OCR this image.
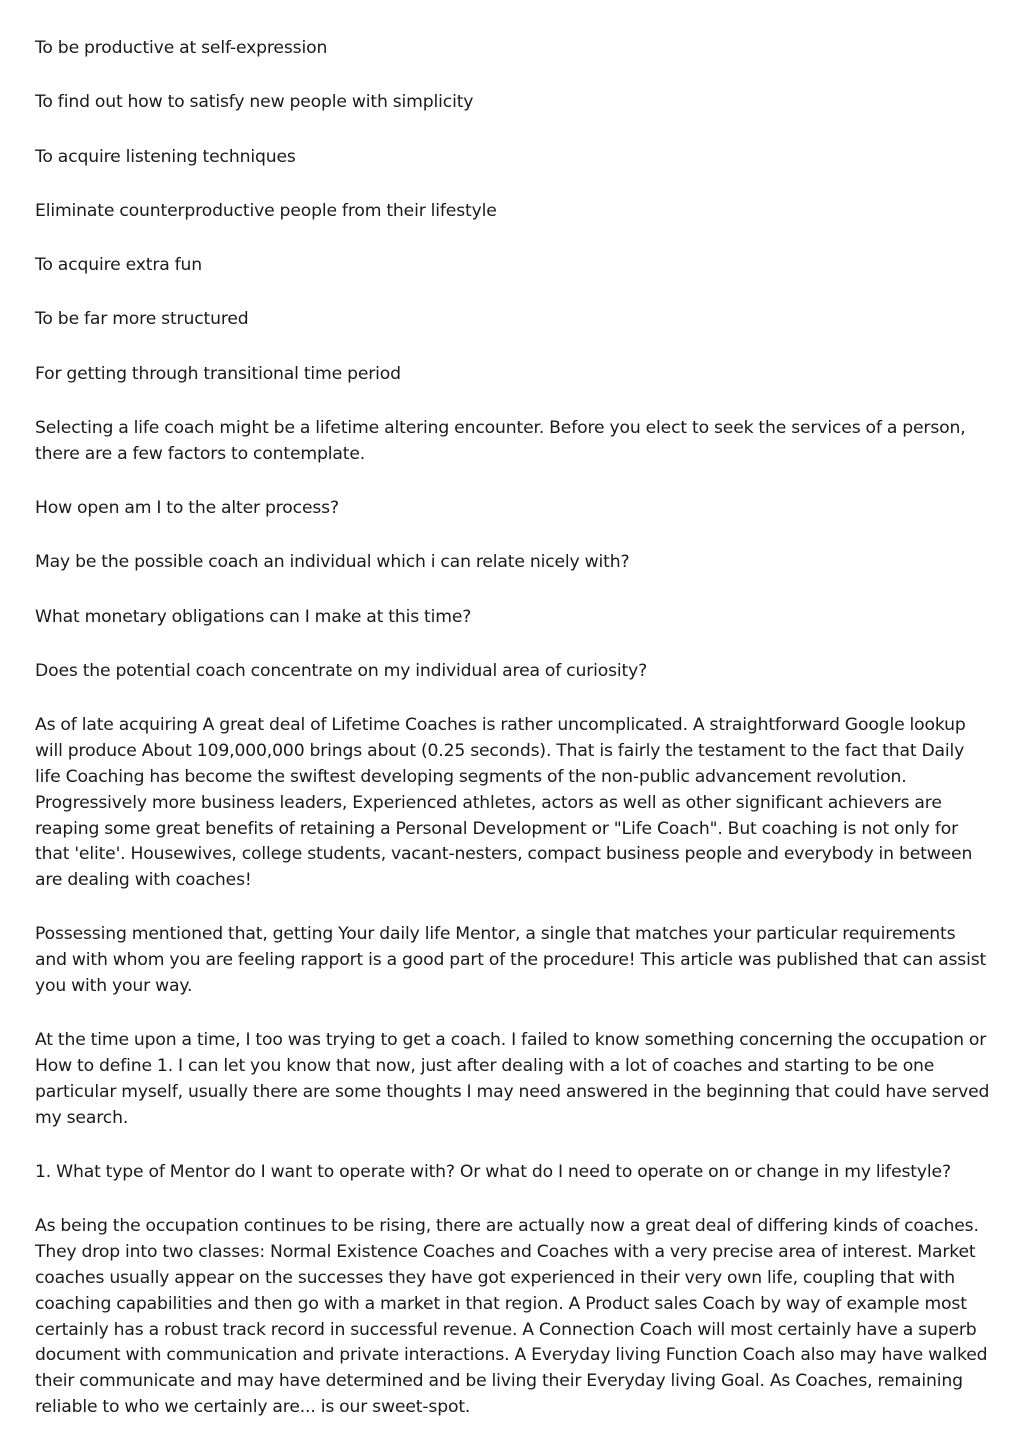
To be productive at self-expression

To find out how to satisfy new people with simplicity

To acquire listening techniques

Eliminate counterproductive people from their lifestyle

To acquire extra fun

To be far more structured

For getting through transitional time period

Selecting a life coach might be a lifetime altering encounter. Before you elect to seek the services of a person, there are a few factors to contemplate.

How open am I to the alter process?

May be the possible coach an individual which i can relate nicely with?

What monetary obligations can I make at this time?

Does the potential coach concentrate on my individual area of curiosity?

As of late acquiring A great deal of Lifetime Coaches is rather uncomplicated. A straightforward Google lookup will produce About 109,000,000 brings about (0.25 seconds). That is fairly the testament to the fact that Daily life Coaching has become the swiftest developing segments of the non-public advancement revolution. Progressively more business leaders, Experienced athletes, actors as well as other significant achievers are reaping some great benefits of retaining a Personal Development or "Life Coach". But coaching is not only for that 'elite'. Housewives, college students, vacant-nesters, compact business people and everybody in between are dealing with coaches!

Possessing mentioned that, getting Your daily life Mentor, a single that matches your particular requirements and with whom you are feeling rapport is a good part of the procedure! This article was published that can assist you with your way.

At the time upon a time, I too was trying to get a coach. I failed to know something concerning the occupation or How to define 1. I can let you know that now, just after dealing with a lot of coaches and starting to be one particular myself, usually there are some thoughts I may need answered in the beginning that could have served my search.

1. What type of Mentor do I want to operate with? Or what do I need to operate on or change in my lifestyle?

As being the occupation continues to be rising, there are actually now a great deal of differing kinds of coaches. They drop into two classes: Normal Existence Coaches and Coaches with a very precise area of interest. Market coaches usually appear on the successes they have got experienced in their very own life, coupling that with coaching capabilities and then go with a market in that region. A Product sales Coach by way of example most certainly has a robust track record in successful revenue. A Connection Coach will most certainly have a superb document with communication and private interactions. A Everyday living Function Coach also may have walked their communicate and may have determined and be living their Everyday living Goal. As Coaches, remaining reliable to who we certainly are... is our sweet-spot.
